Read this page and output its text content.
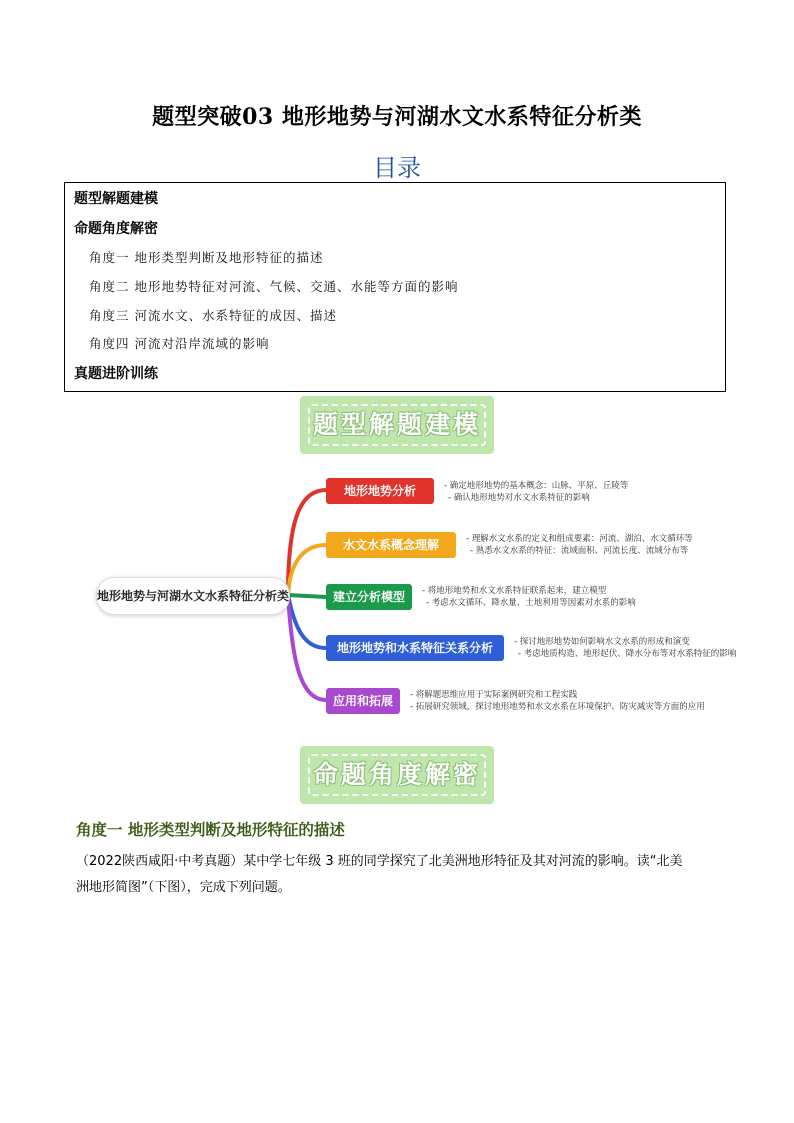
题型突破03 地形地势与河湖水文水系特征分析类
目录
题型解题建模
命题角度解密
角度一 地形类型判断及地形特征的描述
角度二 地形地势特征对河流、气候、交通、水能等方面的影响
角度三 河流水文、水系特征的成因、描述
角度四 河流对沿岸流域的影响
真题进阶训练
题型解题建模
地形地势与河湖水文水系特征分析类
地形地势分析	- 确定地形地势的基本概念：山脉、平原、丘陵等
- 确认地形地势对水文水系特征的影响
水文水系概念理解	- 理解水文水系的定义和组成要素：河流、湖泊、水文循环等
- 熟悉水文水系的特征：流域面积、河流长度、流域分布等
建立分析模型	- 将地形地势和水文水系特征联系起来，建立模型
- 考虑水文循环、降水量、土地利用等因素对水系的影响
地形地势和水系特征关系分析	- 探讨地形地势如何影响水文水系的形成和演变
- 考虑地质构造、地形起伏、降水分布等对水系特征的影响
应用和拓展	- 将解题思维应用于实际案例研究和工程实践
- 拓展研究领域，探讨地形地势和水文水系在环境保护、防灾减灾等方面的应用
命题角度解密
角度一 地形类型判断及地形特征的描述
（2022陕西咸阳·中考真题）某中学七年级 3 班的同学探究了北美洲地形特征及其对河流的影响。读“北美
洲地形简图”（下图），完成下列问题。
